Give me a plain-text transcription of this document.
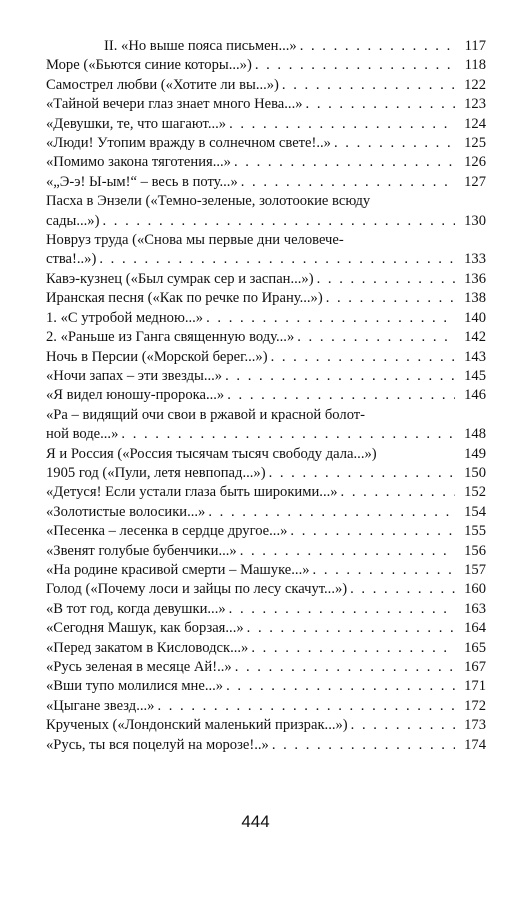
II. «Но выше пояса письмен...» . . .	117
Море («Бьются синие которы...») . . .	118
Самострел любви («Хотите ли вы...») . . .	122
«Тайной вечери глаз знает много Нева...» . . .	123
«Девушки, те, что шагают...» . . .	124
«Люди! Утопим вражду в солнечном свете!..» . . .	125
«Помимо закона тяготения...» . . .	126
«„Э-э! Ы-ым!“ – весь в поту...» . . .	127
Пасха в Энзели («Темно-зеленые, золотоокие всюду
сады...») . . .	130
Новруз труда («Снова мы первые дни человече-
ства!..») . . .	133
Кавэ-кузнец («Был сумрак сер и заспан...») . . .	136
Иранская песня («Как по речке по Ирану...») . . .	138
1. «С утробой медною...» . . .	140
2. «Раньше из Ганга священную воду...» . . .	142
Ночь в Персии («Морской берег...») . . .	143
«Ночи запах – эти звезды...» . . .	145
«Я видел юношу-пророка...» . . .	146
«Ра – видящий очи свои в ржавой и красной болот-
ной воде...» . . .	148
Я и Россия («Россия тысячам тысяч свободу дала...»)	149
1905 год («Пули, летя невпопад...») . . .	150
«Детуся! Если устали глаза быть широкими...» . . .	152
«Золотистые волосики...» . . .	154
«Песенка – лесенка в сердце другое...» . . .	155
«Звенят голубые бубенчики...» . . .	156
«На родине красивой смерти – Машуке...» . . .	157
Голод («Почему лоси и зайцы по лесу скачут...») . . .	160
«В тот год, когда девушки...» . . .	163
«Сегодня Машук, как борзая...» . . .	164
«Перед закатом в Кисловодск...» . . .	165
«Русь зеленая в месяце Ай!..» . . .	167
«Вши тупо молилися мне...» . . .	171
«Цыгане звезд...» . . .	172
Крученых («Лондонский маленький призрак...») . . .	173
«Русь, ты вся поцелуй на морозе!..» . . .	174
444
